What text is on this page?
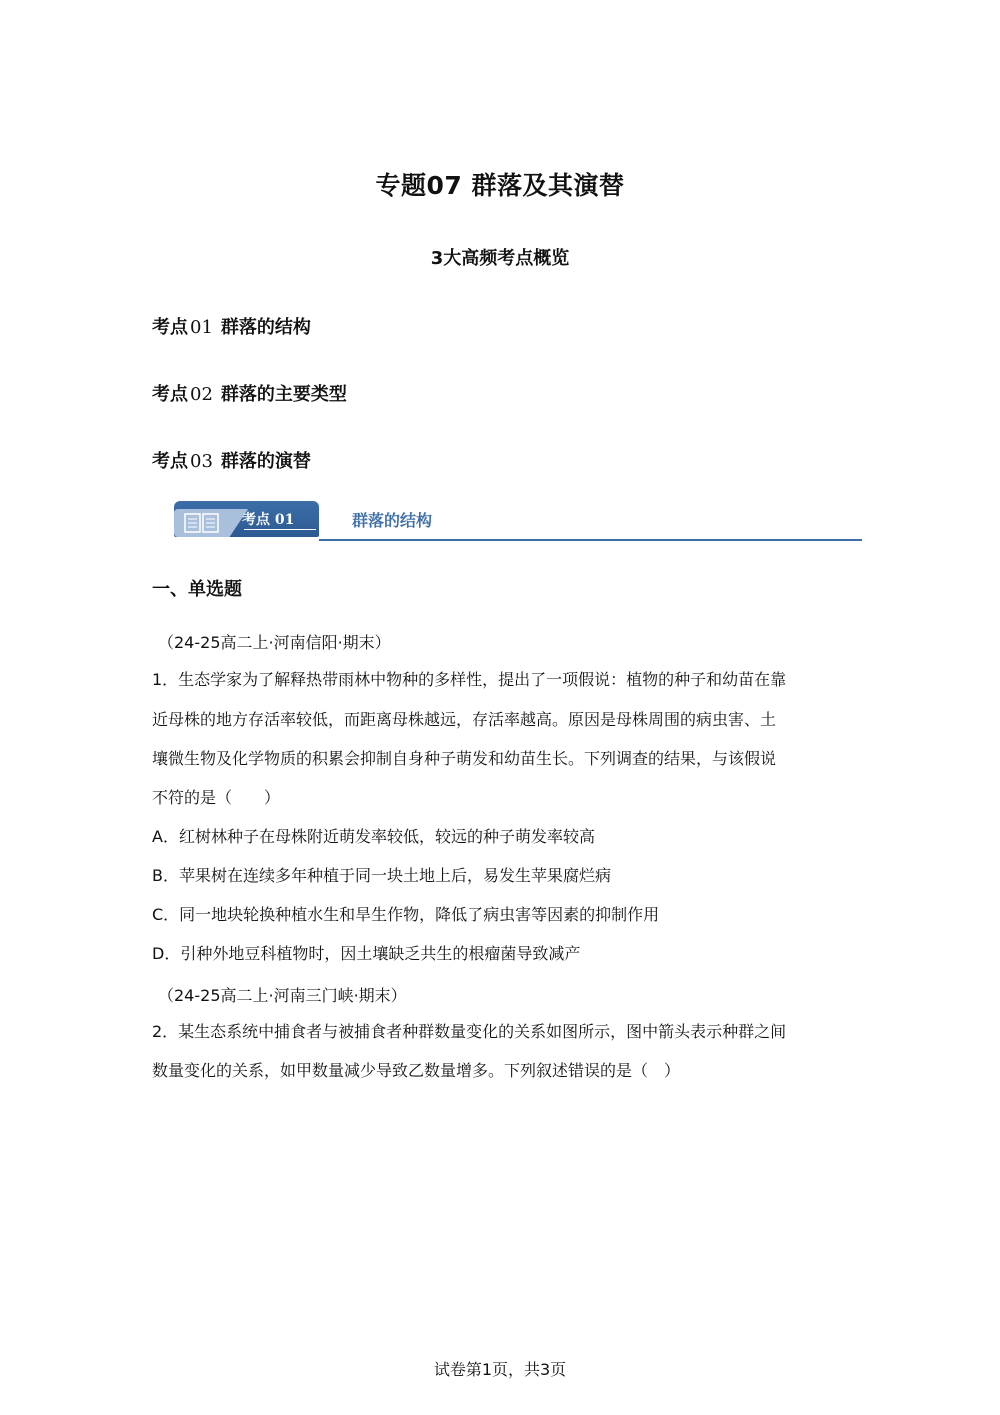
专题07 群落及其演替
3大高频考点概览
考点 01 群落的结构
考点 02 群落的主要类型
考点 03 群落的演替
考点 01	群落的结构
一、单选题
（24-25高二上·河南信阳·期末）
1．生态学家为了解释热带雨林中物种的多样性，提出了一项假说：植物的种子和幼苗在靠
近母株的地方存活率较低，而距离母株越远，存活率越高。原因是母株周围的病虫害、土
壤微生物及化学物质的积累会抑制自身种子萌发和幼苗生长。下列调查的结果，与该假说
不符的是（　　）
A．红树林种子在母株附近萌发率较低，较远的种子萌发率较高
B．苹果树在连续多年种植于同一块土地上后，易发生苹果腐烂病
C．同一地块轮换种植水生和旱生作物，降低了病虫害等因素的抑制作用
D．引种外地豆科植物时，因土壤缺乏共生的根瘤菌导致减产
（24-25高二上·河南三门峡·期末）
2．某生态系统中捕食者与被捕食者种群数量变化的关系如图所示，图中箭头表示种群之间
数量变化的关系，如甲数量减少导致乙数量增多。下列叙述错误的是（　）
试卷第1页，共3页
